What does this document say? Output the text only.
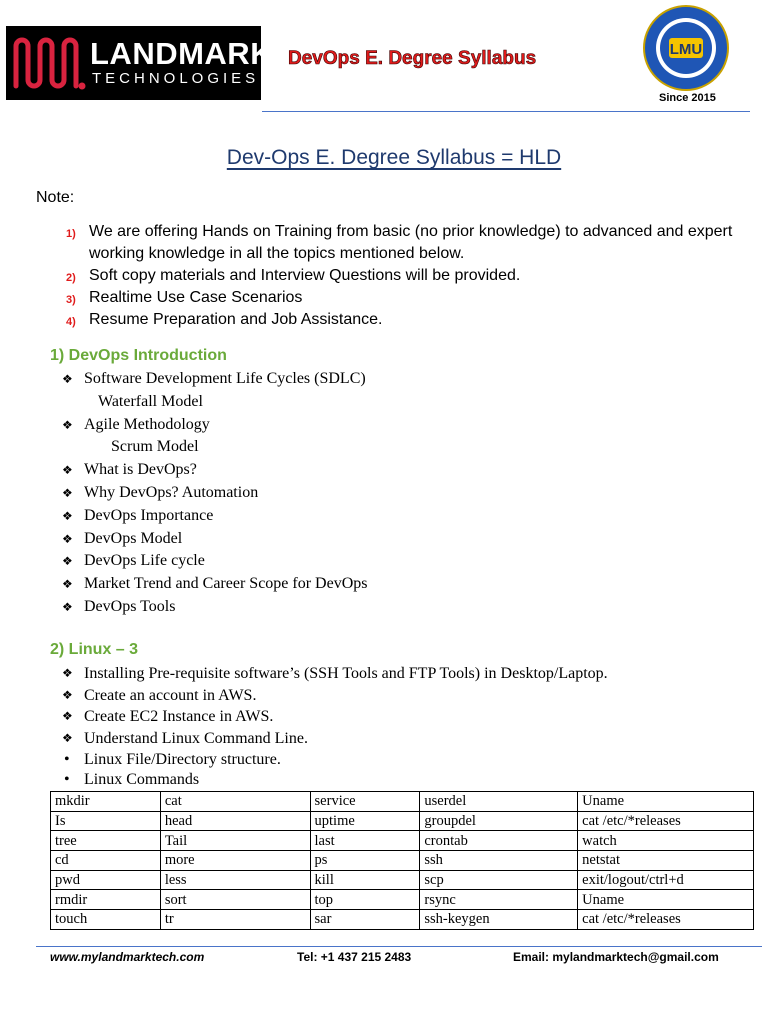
LANDMARK
TECHNOLOGIES
DevOps E. Degree Syllabus	LMU
Since 2015
Dev-Ops E. Degree Syllabus = HLD
Note:
1) We are offering Hands on Training from basic (no prior knowledge) to advanced and expert working knowledge in all the topics mentioned below.
2) Soft copy materials and Interview Questions will be provided.
3) Realtime Use Case Scenarios
4) Resume Preparation and Job Assistance.
1) DevOps Introduction
❖ Software Development Life Cycles (SDLC)
Waterfall Model
❖ Agile Methodology
Scrum Model
❖ What is DevOps?
❖ Why DevOps? Automation
❖ DevOps Importance
❖ DevOps Model
❖ DevOps Life cycle
❖ Market Trend and Career Scope for DevOps
❖ DevOps Tools
2) Linux – 3
❖ Installing Pre-requisite software’s (SSH Tools and FTP Tools) in Desktop/Laptop.
❖ Create an account in AWS.
❖ Create EC2 Instance in AWS.
❖ Understand Linux Command Line.
• Linux File/Directory structure.
• Linux Commands
mkdir	cat	service	userdel	Uname
Is	head	uptime	groupdel	cat /etc/*releases
tree	Tail	last	crontab	watch
cd	more	ps	ssh	netstat
pwd	less	kill	scp	exit/logout/ctrl+d
rmdir	sort	top	rsync	Uname
touch	tr	sar	ssh-keygen	cat /etc/*releases
www.mylandmarktech.com	Tel: +1 437 215 2483	Email: mylandmarktech@gmail.com
